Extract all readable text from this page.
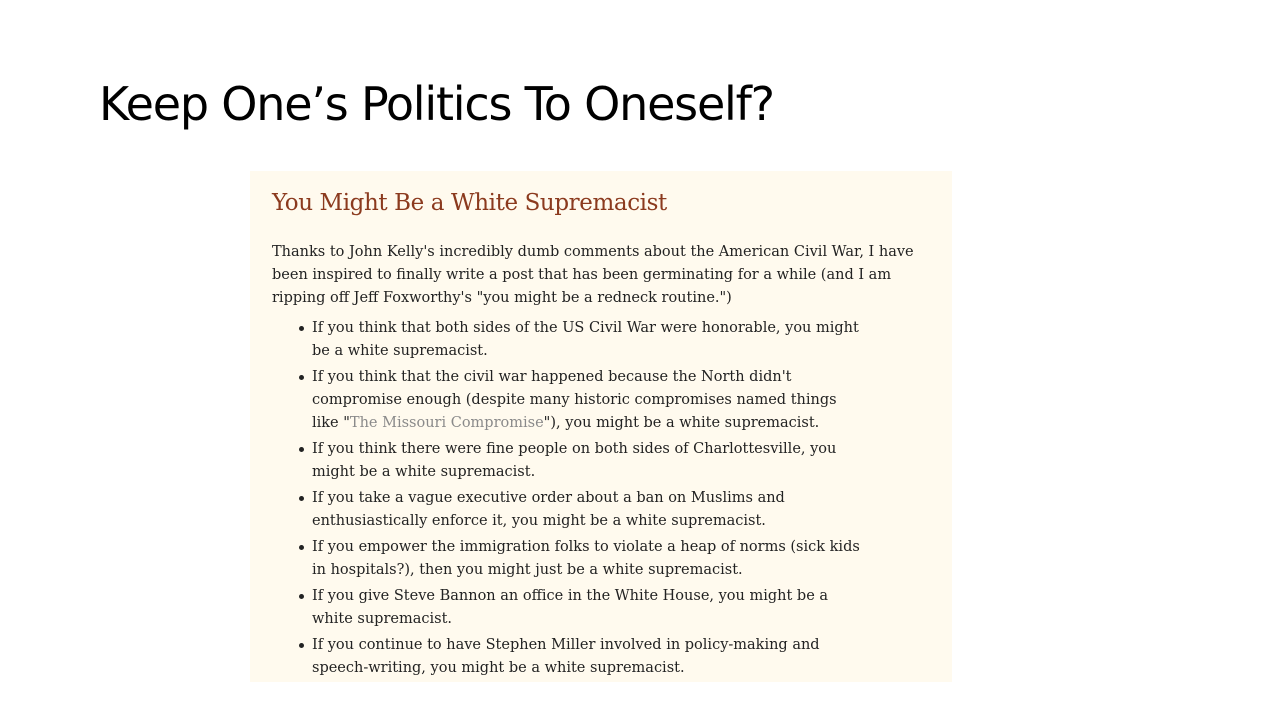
Keep One’s Politics To Oneself?
You Might Be a White Supremacist

Thanks to John Kelly's incredibly dumb comments about the American Civil War, I have been inspired to finally write a post that has been germinating for a while (and I am ripping off Jeff Foxworthy's "you might be a redneck routine.")

If you think that both sides of the US Civil War were honorable, you might be a white supremacist.
If you think that the civil war happened because the North didn't compromise enough (despite many historic compromises named things like "The Missouri Compromise"), you might be a white supremacist.
If you think there were fine people on both sides of Charlottesville, you might be a white supremacist.
If you take a vague executive order about a ban on Muslims and enthusiastically enforce it, you might be a white supremacist.
If you empower the immigration folks to violate a heap of norms (sick kids in hospitals?), then you might just be a white supremacist.
If you give Steve Bannon an office in the White House, you might be a white supremacist.
If you continue to have Stephen Miller involved in policy-making and speech-writing, you might be a white supremacist.
